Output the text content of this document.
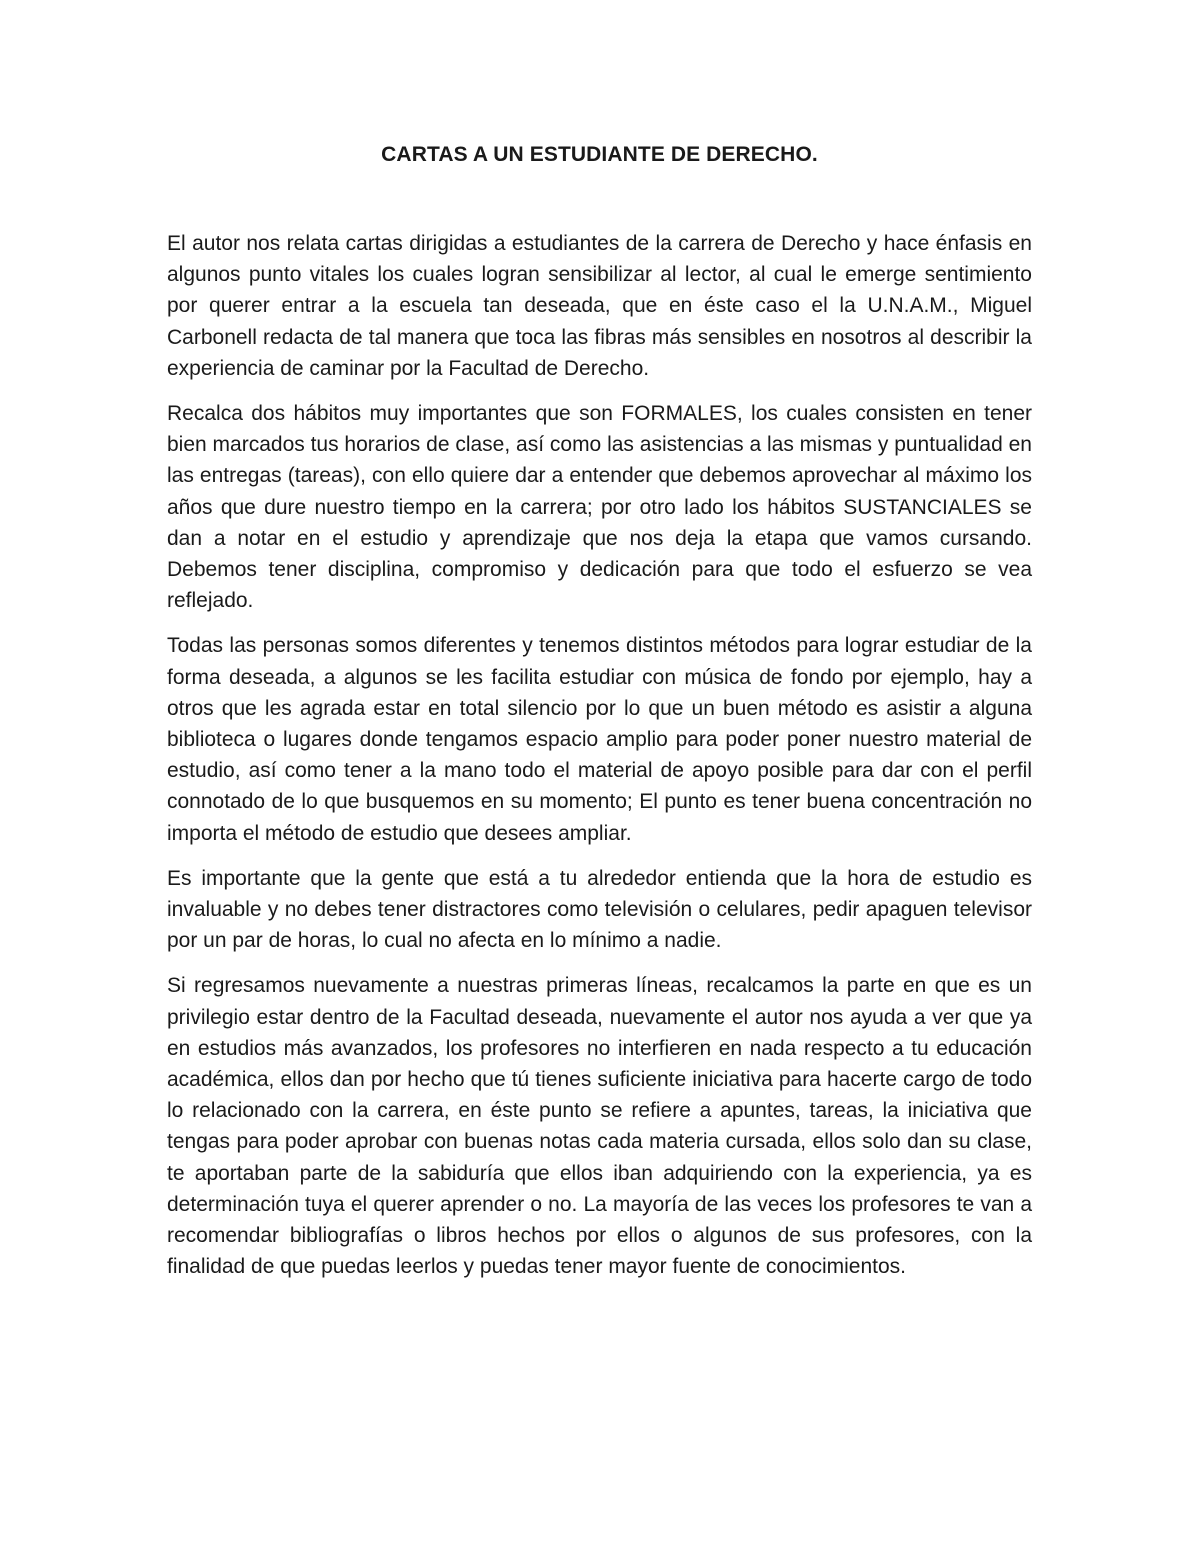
CARTAS A UN ESTUDIANTE DE DERECHO.

El autor nos relata cartas dirigidas a estudiantes de la carrera de Derecho y hace énfasis en algunos punto vitales los cuales logran sensibilizar al lector, al cual le emerge sentimiento por querer entrar a la escuela tan deseada, que en éste caso el la U.N.A.M., Miguel Carbonell redacta de tal manera que toca las fibras más sensibles en nosotros al describir la experiencia de caminar por la Facultad de Derecho.

Recalca dos hábitos muy importantes que son FORMALES, los cuales consisten en tener bien marcados tus horarios de clase, así como las asistencias a las mismas y puntualidad en las entregas (tareas), con ello quiere dar a entender que debemos aprovechar al máximo los años que dure nuestro tiempo en la carrera; por otro lado los hábitos SUSTANCIALES se dan a notar en el estudio y aprendizaje que nos deja la etapa que vamos cursando. Debemos tener disciplina, compromiso y dedicación para que todo el esfuerzo se vea reflejado.

Todas las personas somos diferentes y tenemos distintos métodos para lograr estudiar de la forma deseada, a algunos se les facilita estudiar con música de fondo por ejemplo, hay a otros que les agrada estar en total silencio por lo que un buen método es asistir a alguna biblioteca o lugares donde tengamos espacio amplio para poder poner nuestro material de estudio, así como tener a la mano todo el material de apoyo posible para dar con el perfil connotado de lo que busquemos en su momento; El punto es tener buena concentración no importa el método de estudio que desees ampliar.

Es importante que la gente que está a tu alrededor entienda que la hora de estudio es invaluable y no debes tener distractores como televisión o celulares, pedir apaguen televisor por un par de horas, lo cual no afecta en lo mínimo a nadie.

Si regresamos nuevamente a nuestras primeras líneas, recalcamos la parte en que es un privilegio estar dentro de la Facultad deseada, nuevamente el autor nos ayuda a ver que ya en estudios más avanzados, los profesores no interfieren en nada respecto a tu educación académica, ellos dan por hecho que tú tienes suficiente iniciativa para hacerte cargo de todo lo relacionado con la carrera, en éste punto se refiere a apuntes, tareas, la iniciativa que tengas para poder aprobar con buenas notas cada materia cursada, ellos solo dan su clase, te aportaban parte de la sabiduría que ellos iban adquiriendo con la experiencia, ya es determinación tuya el querer aprender o no. La mayoría de las veces los profesores te van a recomendar bibliografías o libros hechos por ellos o algunos de sus profesores, con la finalidad de que puedas leerlos y puedas tener mayor fuente de conocimientos.
